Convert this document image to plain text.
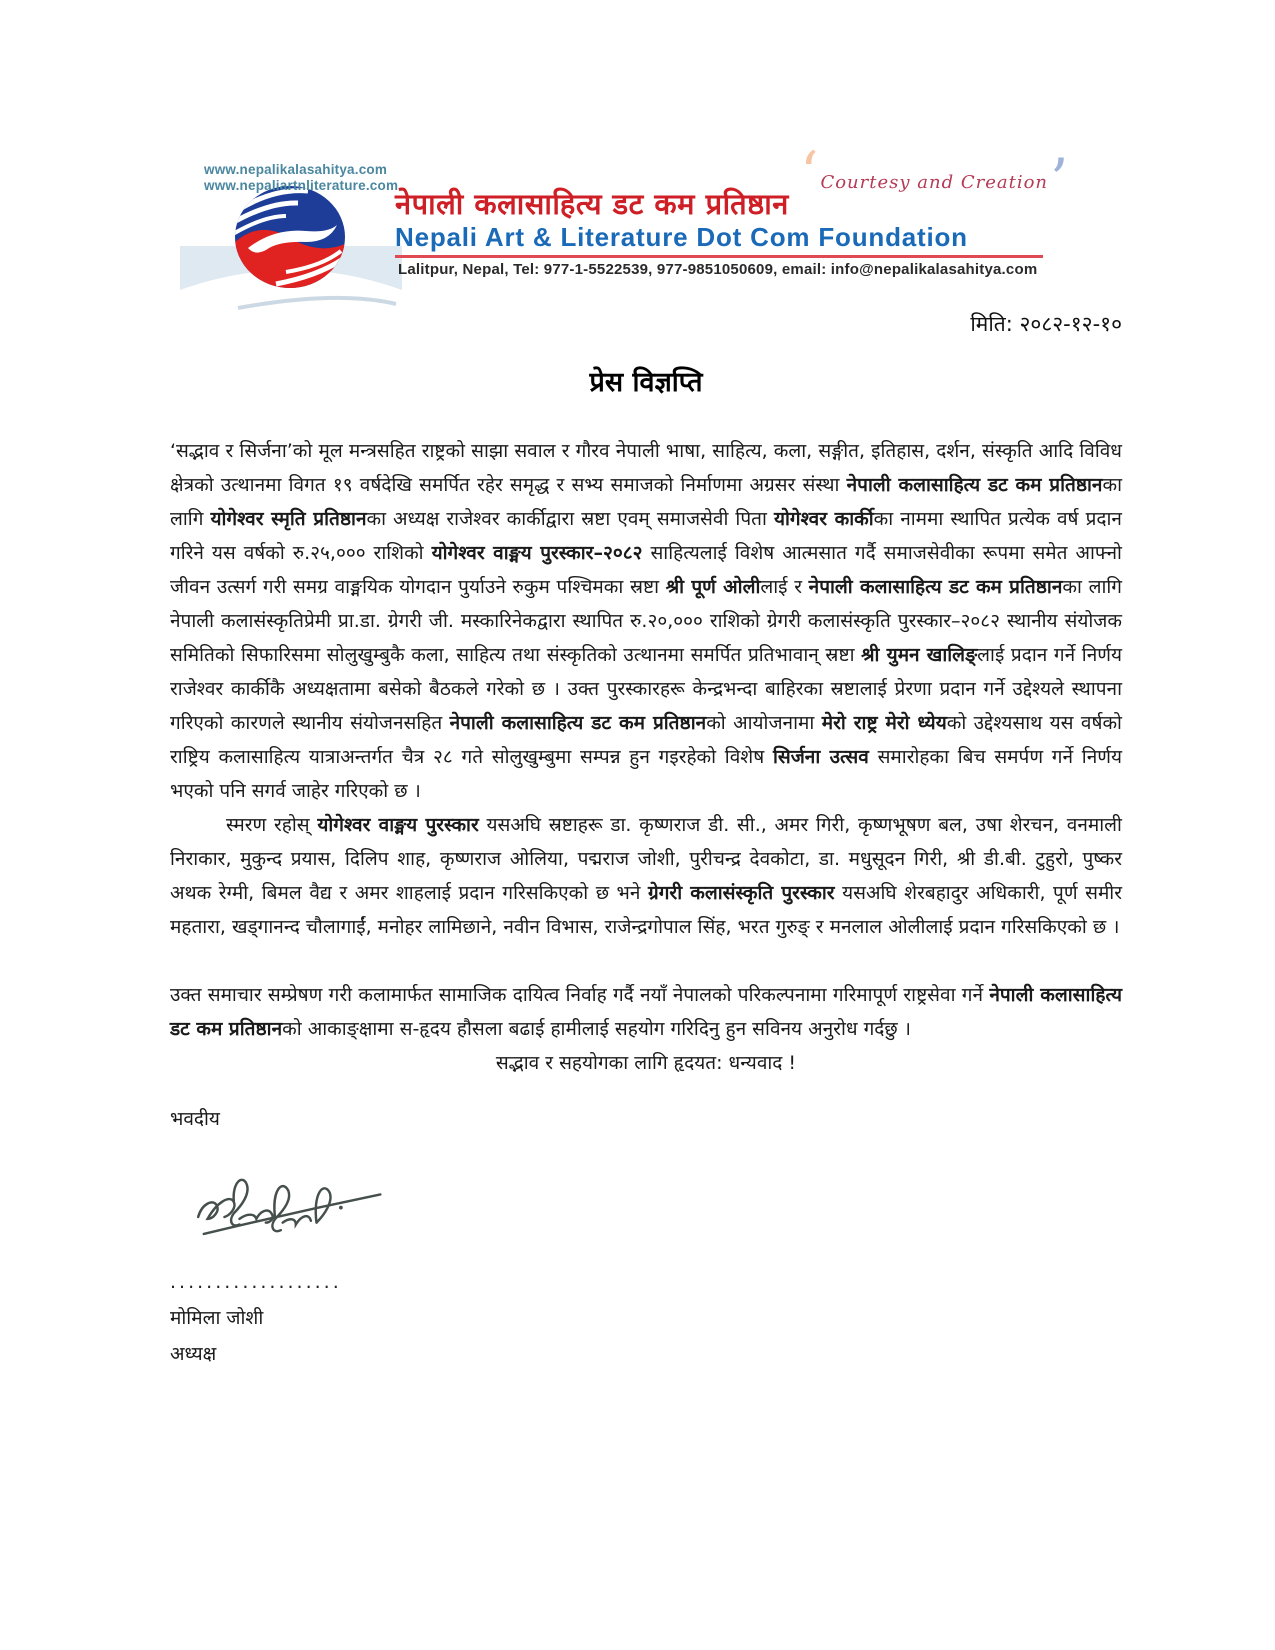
www.nepalikalasahitya.com
www.nepaliartnliterature.com
नेपाली कलासाहित्य डट कम प्रतिष्ठान
Nepali Art & Literature Dot Com Foundation
Lalitpur, Nepal, Tel: 977-1-5522539, 977-9851050609, email: info@nepalikalasahitya.com
‘ Courtesy and Creation ’
मिति: २०८२-१२-१०
प्रेस विज्ञप्ति
‘सद्भाव र सिर्जना’को मूल मन्त्रसहित राष्ट्रको साझा सवाल र गौरव नेपाली भाषा, साहित्य, कला, सङ्गीत, इतिहास, दर्शन, संस्कृति आदि विविध क्षेत्रको उत्थानमा विगत १९ वर्षदेखि समर्पित रहेर समृद्ध र सभ्य समाजको निर्माणमा अग्रसर संस्था नेपाली कलासाहित्य डट कम प्रतिष्ठानका लागि योगेश्वर स्मृति प्रतिष्ठानका अध्यक्ष राजेश्वर कार्कीद्वारा स्रष्टा एवम् समाजसेवी पिता योगेश्वर कार्कीका नाममा स्थापित प्रत्येक वर्ष प्रदान गरिने यस वर्षको रु.२५,००० राशिको योगेश्वर वाङ्मय पुरस्कार–२०८२ साहित्यलाई विशेष आत्मसात गर्दै समाजसेवीका रूपमा समेत आफ्नो जीवन उत्सर्ग गरी समग्र वाङ्मयिक योगदान पुर्याउने रुकुम पश्चिमका स्रष्टा श्री पूर्ण ओलीलाई र नेपाली कलासाहित्य डट कम प्रतिष्ठानका लागि नेपाली कलासंस्कृतिप्रेमी प्रा.डा. ग्रेगरी जी. मस्कारिनेकद्वारा स्थापित रु.२०,००० राशिको ग्रेगरी कलासंस्कृति पुरस्कार–२०८२ स्थानीय संयोजक समितिको सिफारिसमा सोलुखुम्बुकै कला, साहित्य तथा संस्कृतिको उत्थानमा समर्पित प्रतिभावान् स्रष्टा श्री युमन खालिङ्लाई प्रदान गर्ने निर्णय राजेश्वर कार्कीकै अध्यक्षतामा बसेको बैठकले गरेको छ । उक्त पुरस्कारहरू केन्द्रभन्दा बाहिरका स्रष्टालाई प्रेरणा प्रदान गर्ने उद्देश्यले स्थापना गरिएको कारणले स्थानीय संयोजनसहित नेपाली कलासाहित्य डट कम प्रतिष्ठानको आयोजनामा मेरो राष्ट्र मेरो ध्येयको उद्देश्यसाथ यस वर्षको राष्ट्रिय कलासाहित्य यात्राअन्तर्गत चैत्र २८ गते सोलुखुम्बुमा सम्पन्न हुन गइरहेको विशेष सिर्जना उत्सव समारोहका बिच समर्पण गर्ने निर्णय भएको पनि सगर्व जाहेर गरिएको छ ।
स्मरण रहोस् योगेश्वर वाङ्मय पुरस्कार यसअघि स्रष्टाहरू डा. कृष्णराज डी. सी., अमर गिरी, कृष्णभूषण बल, उषा शेरचन, वनमाली निराकार, मुकुन्द प्रयास, दिलिप शाह, कृष्णराज ओलिया, पद्मराज जोशी, पुरीचन्द्र देवकोटा, डा. मधुसूदन गिरी, श्री डी.बी. टुहुरो, पुष्कर अथक रेग्मी, बिमल वैद्य र अमर शाहलाई प्रदान गरिसकिएको छ भने ग्रेगरी कलासंस्कृति पुरस्कार यसअघि शेरबहादुर अधिकारी, पूर्ण समीर महतारा, खड्गानन्द चौलागाईं, मनोहर लामिछाने, नवीन विभास, राजेन्द्रगोपाल सिंह, भरत गुरुङ् र मनलाल ओलीलाई प्रदान गरिसकिएको छ ।
उक्त समाचार सम्प्रेषण गरी कलामार्फत सामाजिक दायित्व निर्वाह गर्दै नयाँ नेपालको परिकल्पनामा गरिमापूर्ण राष्ट्रसेवा गर्ने नेपाली कलासाहित्य डट कम प्रतिष्ठानको आकाङ्क्षामा स-हृदय हौसला बढाई हामीलाई सहयोग गरिदिनु हुन सविनय अनुरोध गर्दछु ।
सद्भाव र सहयोगका लागि हृदयत: धन्यवाद !
भवदीय
...................
मोमिला जोशी
अध्यक्ष
